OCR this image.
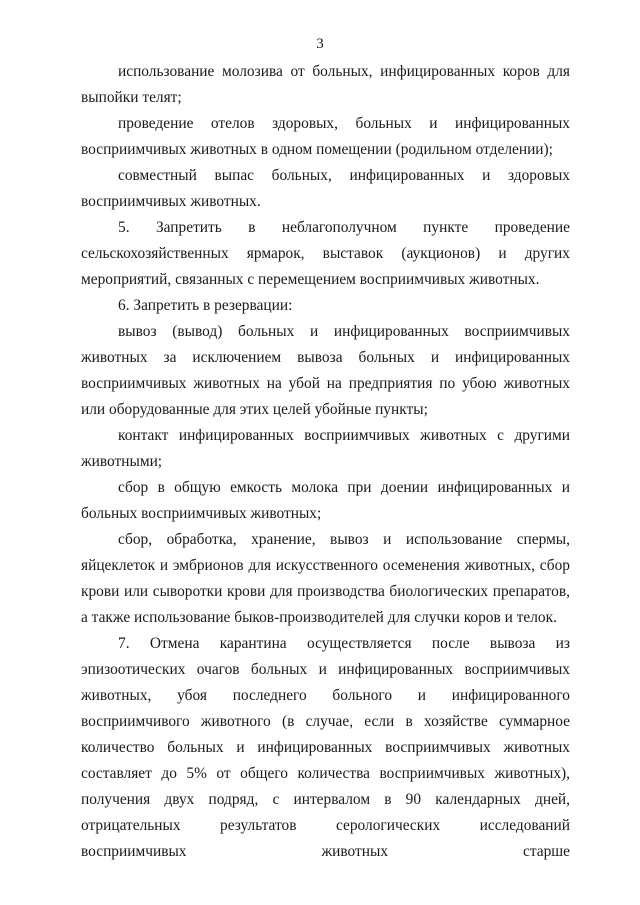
3

использование молозива от больных, инфицированных коров для выпойки телят;

проведение отелов здоровых, больных и инфицированных восприимчивых животных в одном помещении (родильном отделении);

совместный выпас больных, инфицированных и здоровых восприимчивых животных.

5. Запретить в неблагополучном пункте проведение сельскохозяйственных ярмарок, выставок (аукционов) и других мероприятий, связанных с перемещением восприимчивых животных.

6. Запретить в резервации:

вывоз (вывод) больных и инфицированных восприимчивых животных за исключением вывоза больных и инфицированных восприимчивых животных на убой на предприятия по убою животных или оборудованные для этих целей убойные пункты;

контакт инфицированных восприимчивых животных с другими животными;

сбор в общую емкость молока при доении инфицированных и больных восприимчивых животных;

сбор, обработка, хранение, вывоз и использование спермы, яйцеклеток и эмбрионов для искусственного осеменения животных, сбор крови или сыворотки крови для производства биологических препаратов, а также использование быков-производителей для случки коров и телок.

7. Отмена карантина осуществляется после вывоза из эпизоотических очагов больных и инфицированных восприимчивых животных, убоя последнего больного и инфицированного восприимчивого животного (в случае, если в хозяйстве суммарное количество больных и инфицированных восприимчивых животных составляет до 5% от общего количества восприимчивых животных), получения двух подряд, с интервалом в 90 календарных дней, отрицательных результатов серологических исследований восприимчивых животных старше
